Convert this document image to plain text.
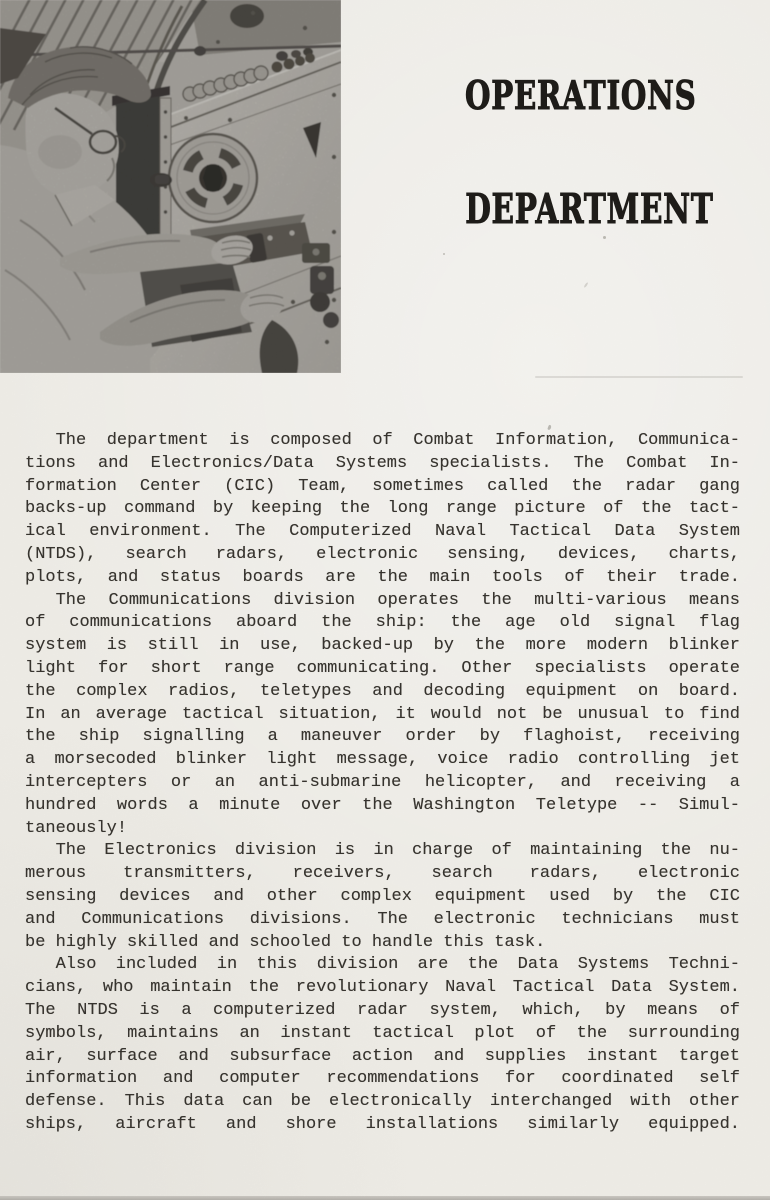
OPERATIONS
DEPARTMENT
The department is composed of Combat Information, Communica-
tions and Electronics/Data Systems specialists. The Combat In-
formation Center (CIC) Team, sometimes called the radar gang
backs-up command by keeping the long range picture of the tact-
ical environment. The Computerized Naval Tactical Data System
(NTDS), search radars, electronic sensing, devices, charts,
plots, and status boards are the main tools of their trade.
The Communications division operates the multi-various means
of communications aboard the ship: the age old signal flag
system is still in use, backed-up by the more modern blinker
light for short range communicating. Other specialists operate
the complex radios, teletypes and decoding equipment on board.
In an average tactical situation, it would not be unusual to find
the ship signalling a maneuver order by flaghoist, receiving
a morsecoded blinker light message, voice radio controlling jet
intercepters or an anti-submarine helicopter, and receiving a
hundred words a minute over the Washington Teletype -- Simul-
taneously!
The Electronics division is in charge of maintaining the nu-
merous transmitters, receivers, search radars, electronic
sensing devices and other complex equipment used by the CIC
and Communications divisions. The electronic technicians must
be highly skilled and schooled to handle this task.
Also included in this division are the Data Systems Techni-
cians, who maintain the revolutionary Naval Tactical Data System.
The NTDS is a computerized radar system, which, by means of
symbols, maintains an instant tactical plot of the surrounding
air, surface and subsurface action and supplies instant target
information and computer recommendations for coordinated self
defense. This data can be electronically interchanged with other
ships, aircraft and shore installations similarly equipped.
